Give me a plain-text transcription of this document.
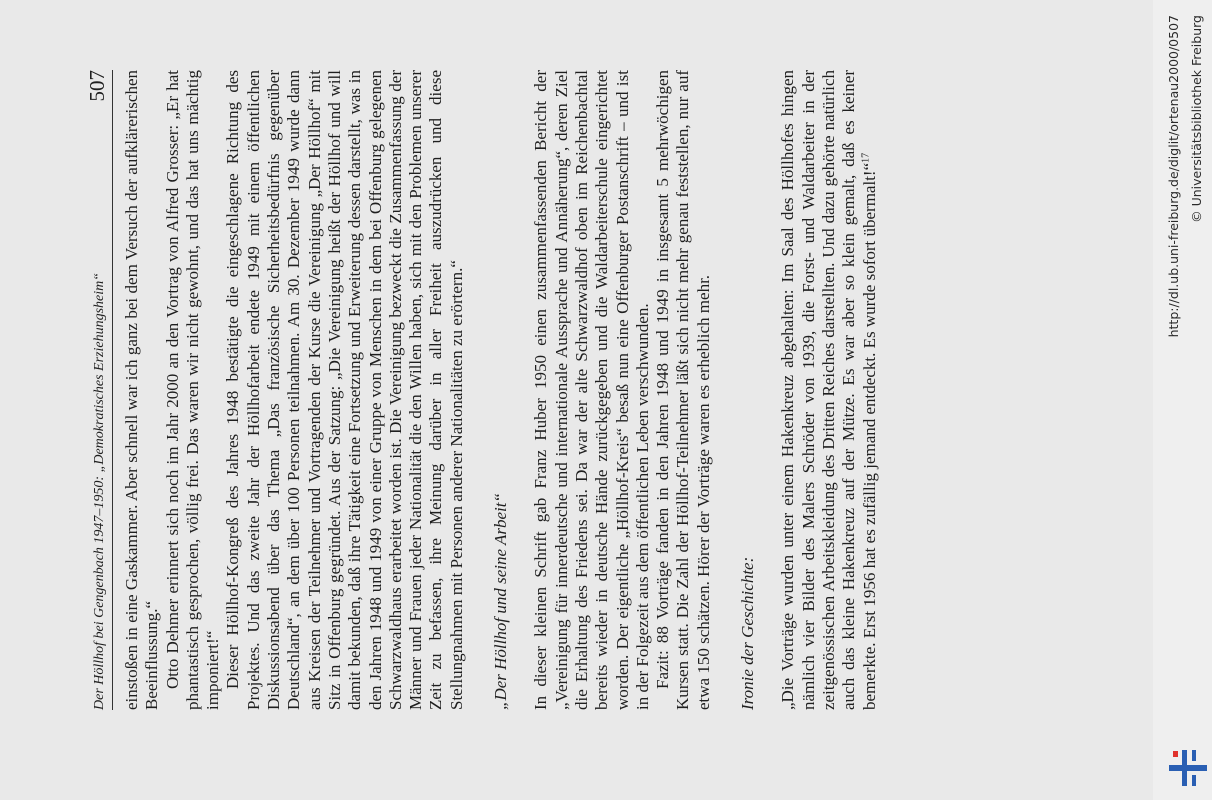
Der Höllhof bei Gengenbach 1947–1950: „Demokratisches Erziehungsheim“
507 einstoßen in eine Gaskammer. Aber schnell war ich ganz bei dem Versuch der aufklärerischen Beeinflussung.“ Otto Dehmer erinnert sich noch im Jahr 2000 an den Vortrag von Alfred Grosser: „Er hat phantastisch gesprochen, völlig frei. Das waren wir nicht gewohnt, und das hat uns mächtig imponiert!“ Dieser Höllhof-Kongreß des Jahres 1948 bestätigte die eingeschlagene Richtung des Projektes. Und das zweite Jahr der Höllhofarbeit endete 1949 mit einem öffentlichen Diskussionsabend über das Thema „Das französische Sicherheitsbedürfnis gegenüber Deutschland“, an dem über 100 Personen teilnahmen. Am 30. Dezember 1949 wurde dann aus Kreisen der Teilnehmer und Vortragenden der Kurse die Vereinigung „Der Höllhof“ mit Sitz in Offenburg gegründet. Aus der Satzung: „Die Vereinigung heißt der Höllhof und will damit bekunden, daß ihre Tätigkeit eine Fortsetzung und Erweiterung dessen darstellt, was in den Jahren 1948 und 1949 von einer Gruppe von Menschen in dem bei Offenburg gelegenen Schwarzwaldhaus erarbeitet worden ist. Die Vereinigung bezweckt die Zusammenfassung der Männer und Frauen jeder Nationalität die den Willen haben, sich mit den Problemen unserer Zeit zu befassen, ihre Meinung darüber in aller Freiheit auszudrücken und diese Stellungnahmen mit Personen anderer Nationalitäten zu erörtern.“ „Der Höllhof und seine Arbeit“ In dieser kleinen Schrift gab Franz Huber 1950 einen zusammenfassenden Bericht der „Vereinigung für innerdeutsche und internationale Aussprache und Annäherung“, deren Ziel die Erhaltung des Friedens sei. Da war der alte Schwarzwaldhof oben im Reichenbachtal bereits wieder in deutsche Hände zurückgegeben und die Waldarbeiterschule eingerichtet worden. Der eigentliche „Höllhof-Kreis“ besaß nun eine Offenburger Postanschrift – und ist in der Folgezeit aus dem öffentlichen Leben verschwunden. Fazit: 88 Vorträge fanden in den Jahren 1948 und 1949 in insgesamt 5 mehrwöchigen Kursen statt. Die Zahl der Höllhof-Teilnehmer läßt sich nicht mehr genau feststellen, nur auf etwa 150 schätzen. Hörer der Vorträge waren es erheblich mehr. Ironie der Geschichte: „Die Vorträge wurden unter einem Hakenkreuz abgehalten: Im Saal des Höllhofes hingen nämlich vier Bilder des Malers Schröder von 1939, die Forst- und Waldarbeiter in der zeitgenössischen Arbeitskleidung des Dritten Reiches darstellten. Und dazu gehörte natürlich auch das kleine Hakenkreuz auf der Mütze. Es war aber so klein gemalt, daß es keiner bemerkte. Erst 1956 hat es zufällig jemand entdeckt. Es wurde sofort übermalt!“$^{17}$	http://dl.ub.uni-freiburg.de/diglit/ortenau2000/0507 © Universitätsbibliothek Freiburg
